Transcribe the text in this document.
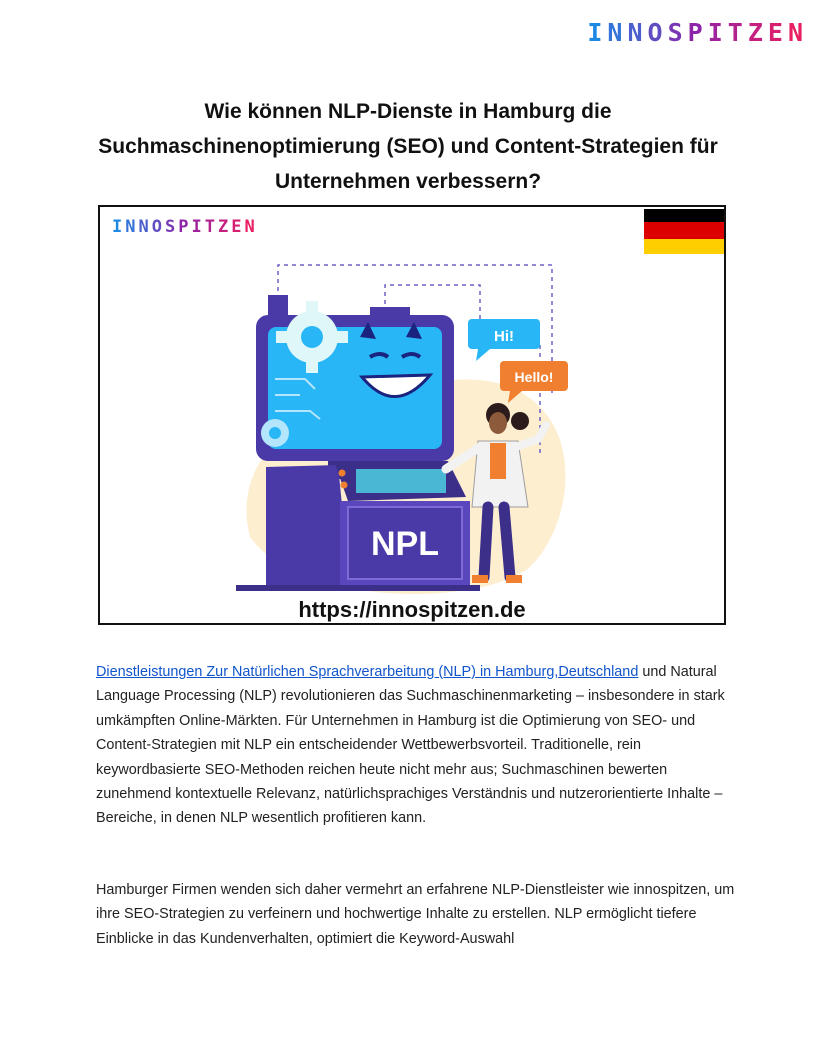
INNOSPITZEN
Wie können NLP-Dienste in Hamburg die Suchmaschinenoptimierung (SEO) und Content-Strategien für Unternehmen verbessern?
Hi!
Hello!
NPL
INNOSPITZEN
https://innospitzen.de

Dienstleistungen Zur Natürlichen Sprachverarbeitung (NLP) in Hamburg,Deutschland und Natural Language Processing (NLP) revolutionieren das Suchmaschinenmarketing – insbesondere in stark umkämpften Online-Märkten. Für Unternehmen in Hamburg ist die Optimierung von SEO- und Content-Strategien mit NLP ein entscheidender Wettbewerbsvorteil. Traditionelle, rein keywordbasierte SEO-Methoden reichen heute nicht mehr aus; Suchmaschinen bewerten zunehmend kontextuelle Relevanz, natürlichsprachiges Verständnis und nutzerorientierte Inhalte – Bereiche, in denen NLP wesentlich profitieren kann.

Hamburger Firmen wenden sich daher vermehrt an erfahrene NLP-Dienstleister wie innospitzen, um ihre SEO-Strategien zu verfeinern und hochwertige Inhalte zu erstellen. NLP ermöglicht tiefere Einblicke in das Kundenverhalten, optimiert die Keyword-Auswahl
